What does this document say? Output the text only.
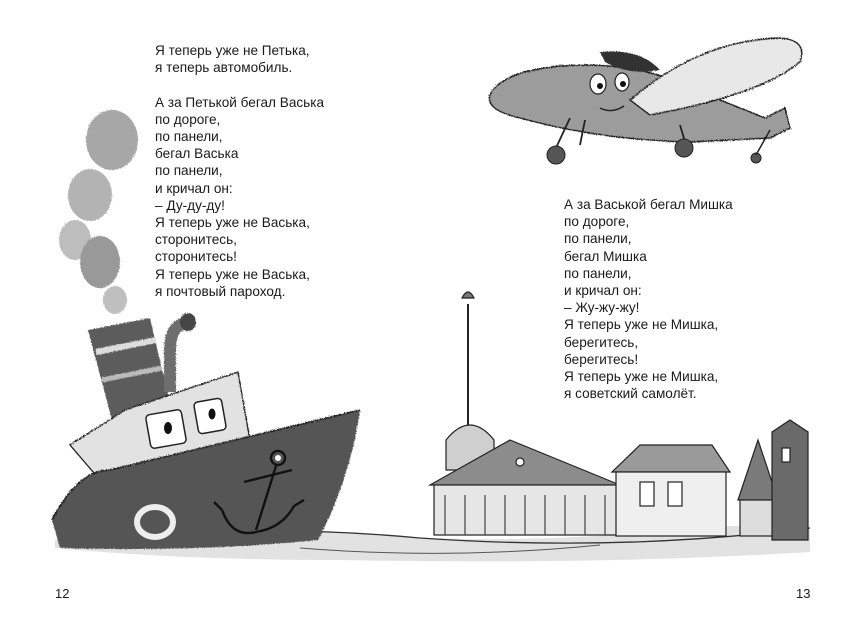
Я теперь уже не Петька,
я теперь автомобиль.
А за Петькой бегал Васька
по дороге,
по панели,
бегал Васька
по панели,
и кричал он:
– Ду-ду-ду!
Я теперь уже не Васька,
сторонитесь,
сторонитесь!
Я теперь уже не Васька,
я почтовый пароход.
12
А за Васькой бегал Мишка
по дороге,
по панели,
бегал Мишка
по панели,
и кричал он:
– Жу-жу-жу!
Я теперь уже не Мишка,
берегитесь,
берегитесь!
Я теперь уже не Мишка,
я советский самолёт.
13
